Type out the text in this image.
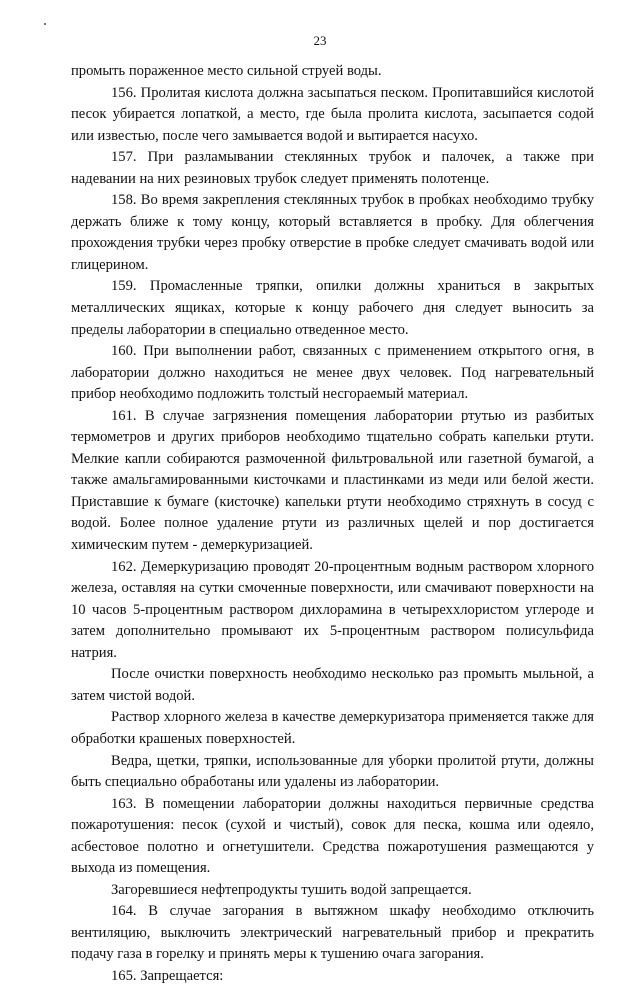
23

промыть пораженное место сильной струей воды.

156. Пролитая кислота должна засыпаться песком. Пропитавшийся кислотой песок убирается лопаткой, а место, где была пролита кислота, засыпается содой или известью, после чего замывается водой и вытирается насухо.

157. При разламывании стеклянных трубок и палочек, а также при надевании на них резиновых трубок следует применять полотенце.

158. Во время закрепления стеклянных трубок в пробках необходимо трубку держать ближе к тому концу, который вставляется в пробку. Для облегчения прохождения трубки через пробку отверстие в пробке следует смачивать водой или глицерином.

159. Промасленные тряпки, опилки должны храниться в закрытых металлических ящиках, которые к концу рабочего дня следует выносить за пределы лаборатории в специально отведенное место.

160. При выполнении работ, связанных с применением открытого огня, в лаборатории должно находиться не менее двух человек. Под нагревательный прибор необходимо подложить толстый несгораемый материал.

161. В случае загрязнения помещения лаборатории ртутью из разбитых термометров и других приборов необходимо тщательно собрать капельки ртути. Мелкие капли собираются размоченной фильтровальной или газетной бумагой, а также амальгамированными кисточками и пластинками из меди или белой жести. Приставшие к бумаге (кисточке) капельки ртути необходимо стряхнуть в сосуд с водой. Более полное удаление ртути из различных щелей и пор достигается химическим путем - демеркуризацией.

162. Демеркуризацию проводят 20-процентным водным раствором хлорного железа, оставляя на сутки смоченные поверхности, или смачивают поверхности на 10 часов 5-процентным раствором дихлорамина в четыреххлористом углероде и затем дополнительно промывают их 5-процентным раствором полисульфида натрия.

После очистки поверхность необходимо несколько раз промыть мыльной, а затем чистой водой.

Раствор хлорного железа в качестве демеркуризатора применяется также для обработки крашеных поверхностей.

Ведра, щетки, тряпки, использованные для уборки пролитой ртути, должны быть специально обработаны или удалены из лаборатории.

163. В помещении лаборатории должны находиться первичные средства пожаротушения: песок (сухой и чистый), совок для песка, кошма или одеяло, асбестовое полотно и огнетушители. Средства пожаротушения размещаются у выхода из помещения.

Загоревшиеся нефтепродукты тушить водой запрещается.

164. В случае загорания в вытяжном шкафу необходимо отключить вентиляцию, выключить электрический нагревательный прибор и прекратить подачу газа в горелку и принять меры к тушению очага загорания.

165. Запрещается:
